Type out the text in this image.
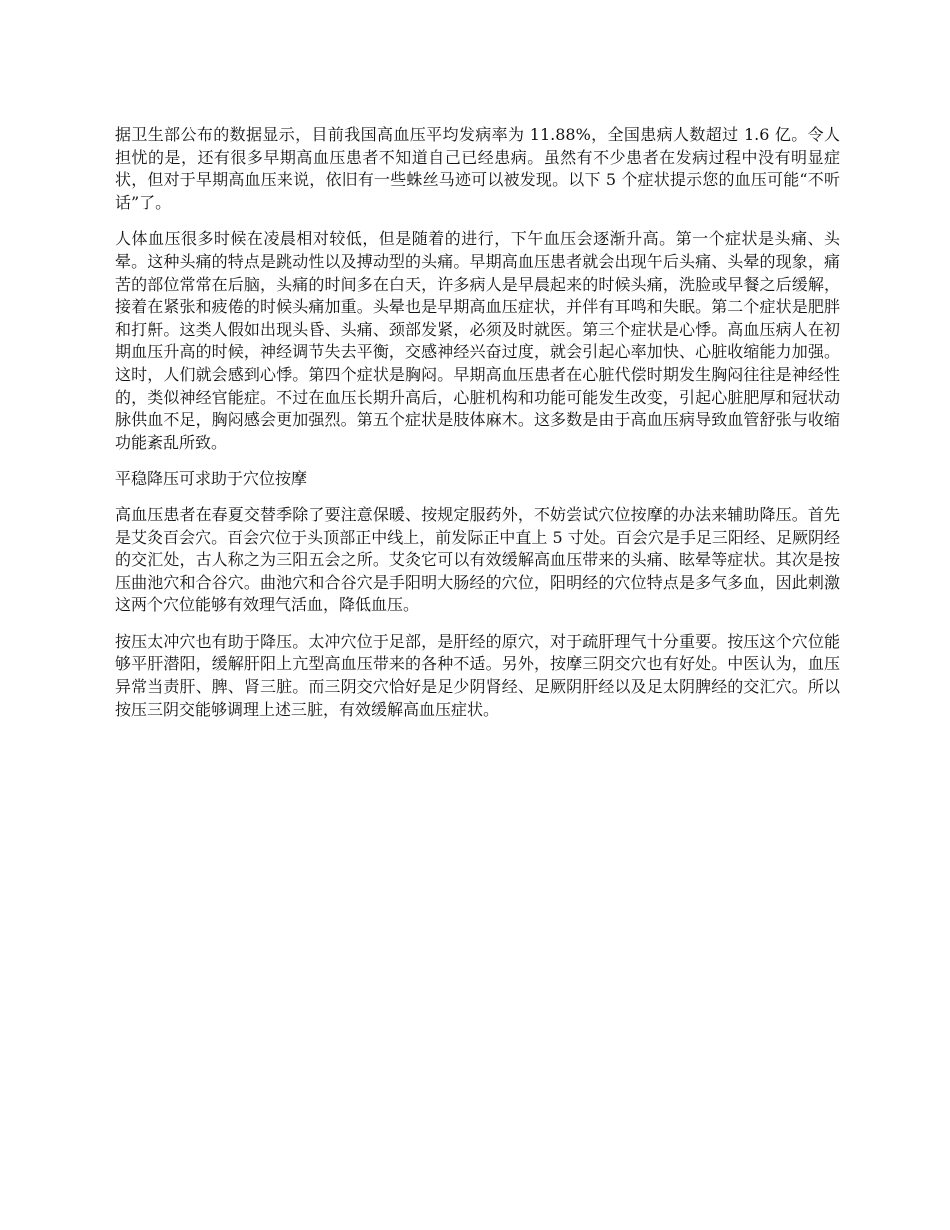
据卫生部公布的数据显示，目前我国高血压平均发病率为 11.88%，全国患病人数超过 1.6 亿。令人担忧的是，还有很多早期高血压患者不知道自己已经患病。虽然有不少患者在发病过程中没有明显症状，但对于早期高血压来说，依旧有一些蛛丝马迹可以被发现。以下 5 个症状提示您的血压可能“不听话”了。

人体血压很多时候在凌晨相对较低，但是随着的进行，下午血压会逐渐升高。第一个症状是头痛、头晕。这种头痛的特点是跳动性以及搏动型的头痛。早期高血压患者就会出现午后头痛、头晕的现象，痛苦的部位常常在后脑，头痛的时间多在白天，许多病人是早晨起来的时候头痛，洗脸或早餐之后缓解，接着在紧张和疲倦的时候头痛加重。头晕也是早期高血压症状，并伴有耳鸣和失眠。第二个症状是肥胖和打鼾。这类人假如出现头昏、头痛、颈部发紧，必须及时就医。第三个症状是心悸。高血压病人在初期血压升高的时候，神经调节失去平衡，交感神经兴奋过度，就会引起心率加快、心脏收缩能力加强。这时，人们就会感到心悸。第四个症状是胸闷。早期高血压患者在心脏代偿时期发生胸闷往往是神经性的，类似神经官能症。不过在血压长期升高后，心脏机构和功能可能发生改变，引起心脏肥厚和冠状动脉供血不足，胸闷感会更加强烈。第五个症状是肢体麻木。这多数是由于高血压病导致血管舒张与收缩功能紊乱所致。

平稳降压可求助于穴位按摩

高血压患者在春夏交替季除了要注意保暖、按规定服药外，不妨尝试穴位按摩的办法来辅助降压。首先是艾灸百会穴。百会穴位于头顶部正中线上，前发际正中直上 5 寸处。百会穴是手足三阳经、足厥阴经的交汇处，古人称之为三阳五会之所。艾灸它可以有效缓解高血压带来的头痛、眩晕等症状。其次是按压曲池穴和合谷穴。曲池穴和合谷穴是手阳明大肠经的穴位，阳明经的穴位特点是多气多血，因此刺激这两个穴位能够有效理气活血，降低血压。

按压太冲穴也有助于降压。太冲穴位于足部，是肝经的原穴，对于疏肝理气十分重要。按压这个穴位能够平肝潜阳，缓解肝阳上亢型高血压带来的各种不适。另外，按摩三阴交穴也有好处。中医认为，血压异常当责肝、脾、肾三脏。而三阴交穴恰好是足少阴肾经、足厥阴肝经以及足太阴脾经的交汇穴。所以按压三阴交能够调理上述三脏，有效缓解高血压症状。
